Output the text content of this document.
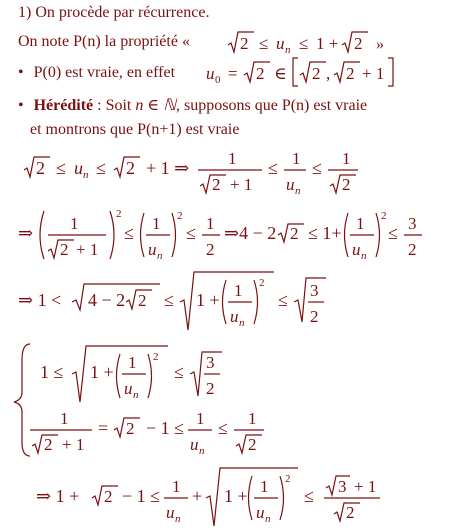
1) On procède par récurrence.
On note P(n) la propriété «	2 ≤ u n ≤ 1 + 2 »
• P(0) est vraie, en effet u 0 = 2 ∈ 2 , 2 + 1
• Hérédité : Soit n ∈ ℕ, supposons que P(n) est vraie
et montrons que P(n+1) est vraie
2 ≤ u n ≤ 2 + 1 ⇒ 1
2 + 1
≤ 1
u n
≤ 1
2
⇒ 1
2 + 1
2
≤ 1
u n
2
≤ 1
2
⇒4 − 2 2 ≤ 1+ 1
u n
2
≤ 3
2
⇒ 1 < 4 − 2 2 ≤ 1 + 1
u n
2
≤ 3
2
1 ≤ 1 + 1
u n
2
≤ 3
2
1
2 + 1
= 2 − 1 ≤ 1
u n
≤ 1
2
⇒ 1 + 2 − 1 ≤ 1
u n
+ 1 + 1
u n
2
≤ 3 + 1
2
